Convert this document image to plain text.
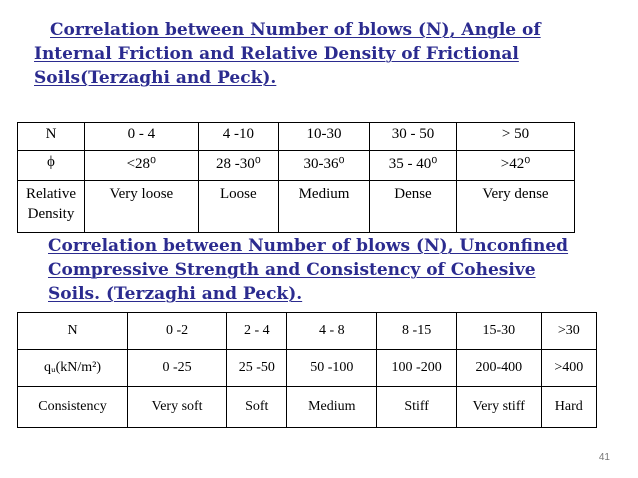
Correlation between Number of blows (N), Angle of
Internal Friction and Relative Density of Frictional
Soils(Terzaghi and Peck).
N	0 - 4	4 -10	10-30	30 - 50	> 50
ϕ	<28⁰	28 -30⁰	30-36⁰	35 - 40⁰	>42⁰
Relative Density	Very loose	Loose	Medium	Dense	Very dense
Correlation between Number of blows (N), Unconfined
Compressive Strength and Consistency of Cohesive
Soils. (Terzaghi and Peck).
N	0 -2	2 - 4	4 - 8	8 -15	15-30	>30
qᵤ(kN/m²)	0 -25	25 -50	50 -100	100 -200	200-400	>400
Consistency	Very soft	Soft	Medium	Stiff	Very stiff	Hard
41
